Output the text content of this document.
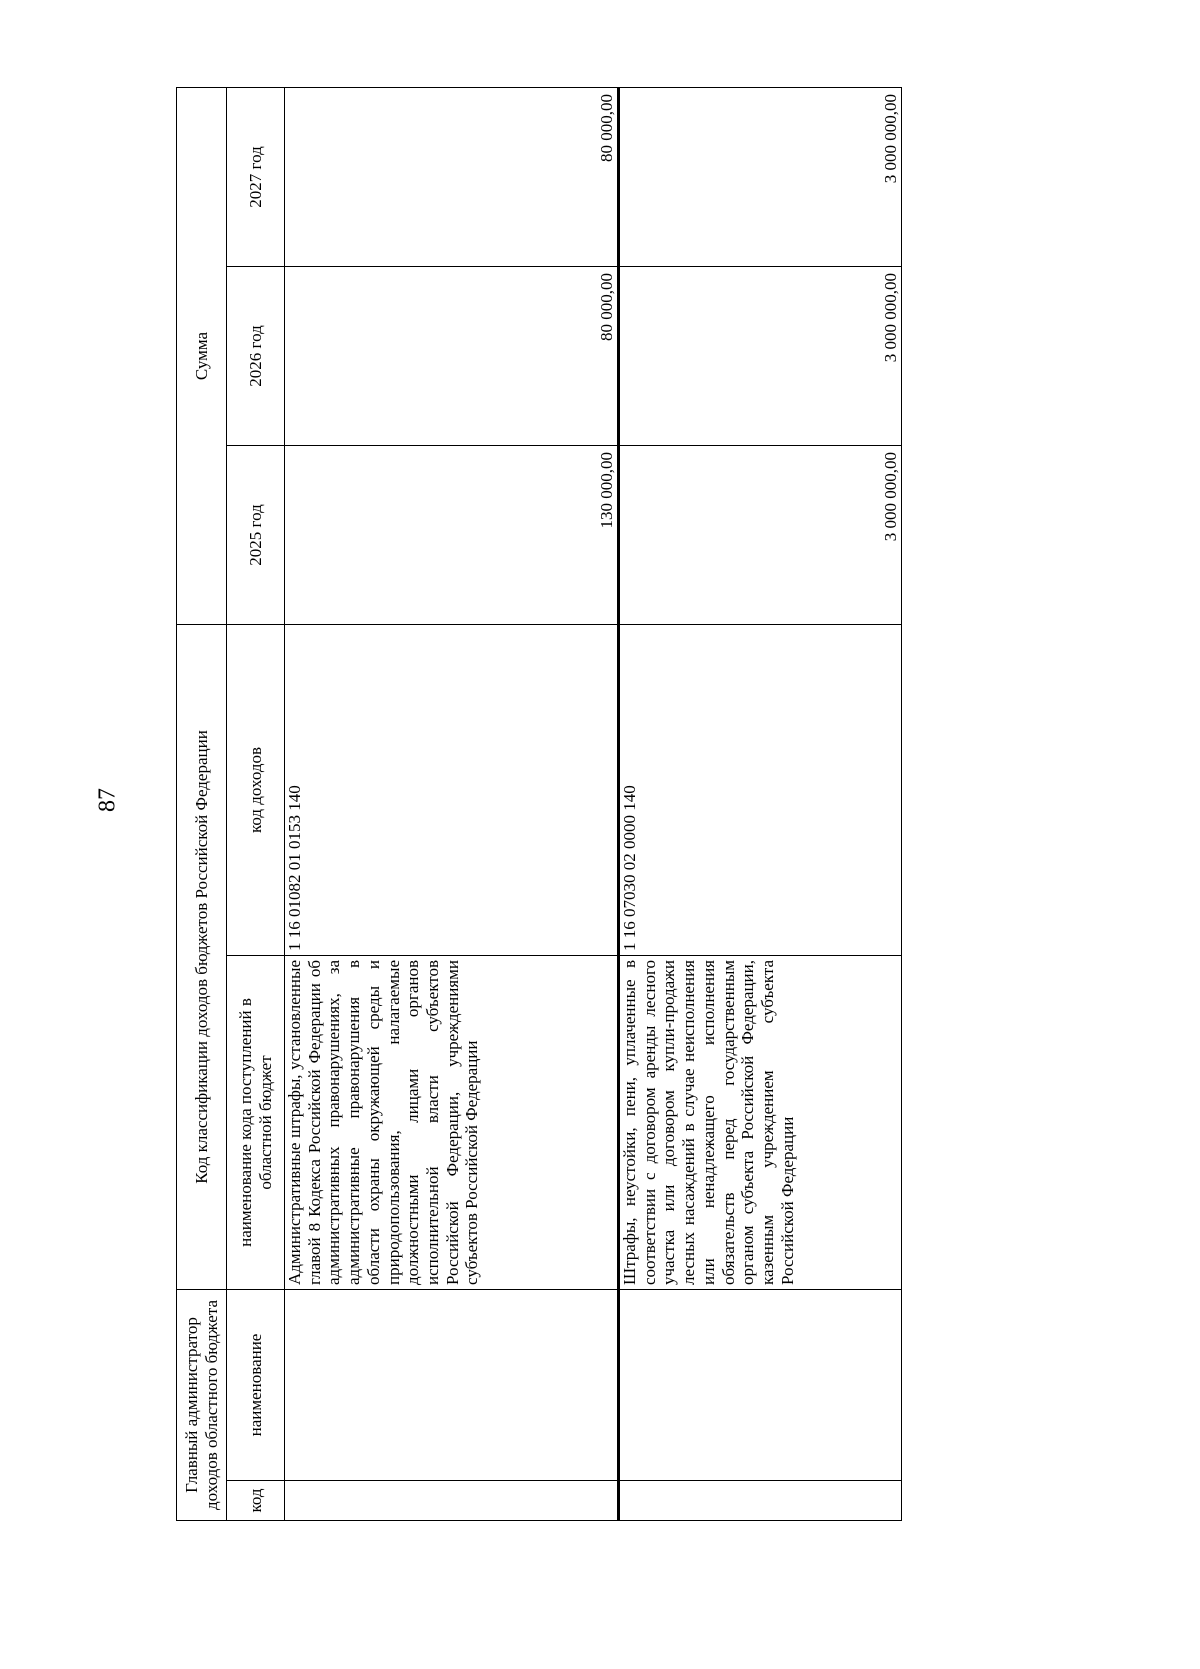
87
Главный администратор доходов областного бюджета		Код классификации доходов бюджетов Российской Федерации		Сумма		
код	наименование	наименование кода поступлений в областной бюджет	код доходов	2025 год	2026 год	2027 год
		Административные штрафы, установленные главой 8 Кодекса Российской Федерации об административных правонарушениях, за административные правонарушения в области охраны окружающей среды и природопользования, налагаемые должностными лицами органов исполнительной власти субъектов Российской Федерации, учреждениями субъектов Российской Федерации	1 16 01082 01 0153 140	130 000,00	80 000,00	80 000,00
		Штрафы, неустойки, пени, уплаченные в соответствии с договором аренды лесного участка или договором купли-продажи лесных насаждений в случае неисполнения или ненадлежащего исполнения обязательств перед государственным органом субъекта Российской Федерации, казенным учреждением субъекта Российской Федерации	1 16 07030 02 0000 140	3 000 000,00	3 000 000,00	3 000 000,00
